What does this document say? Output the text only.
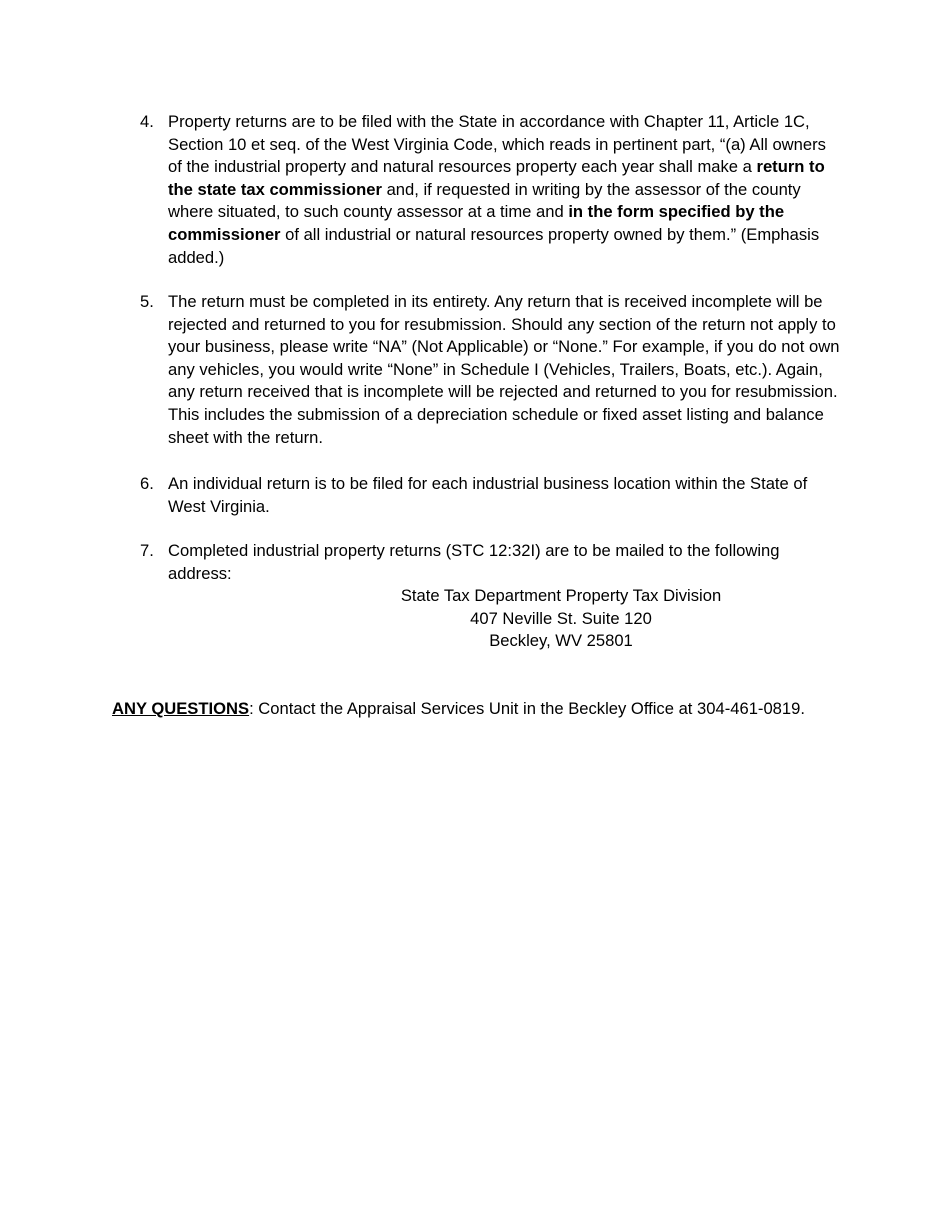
4. Property returns are to be filed with the State in accordance with Chapter 11, Article 1C, Section 10 et seq. of the West Virginia Code, which reads in pertinent part, “(a) All owners of the industrial property and natural resources property each year shall make a return to the state tax commissioner and, if requested in writing by the assessor of the county where situated, to such county assessor at a time and in the form specified by the commissioner of all industrial or natural resources property owned by them.” (Emphasis added.)

5. The return must be completed in its entirety. Any return that is received incomplete will be rejected and returned to you for resubmission. Should any section of the return not apply to your business, please write “NA” (Not Applicable) or “None.” For example, if you do not own any vehicles, you would write “None” in Schedule I (Vehicles, Trailers, Boats, etc.). Again, any return received that is incomplete will be rejected and returned to you for resubmission. This includes the submission of a depreciation schedule or fixed asset listing and balance sheet with the return.

6. An individual return is to be filed for each industrial business location within the State of West Virginia.

7. Completed industrial property returns (STC 12:32I) are to be mailed to the following address:

State Tax Department Property Tax Division
407 Neville St. Suite 120
Beckley, WV 25801
ANY QUESTIONS: Contact the Appraisal Services Unit in the Beckley Office at 304-461-0819.
